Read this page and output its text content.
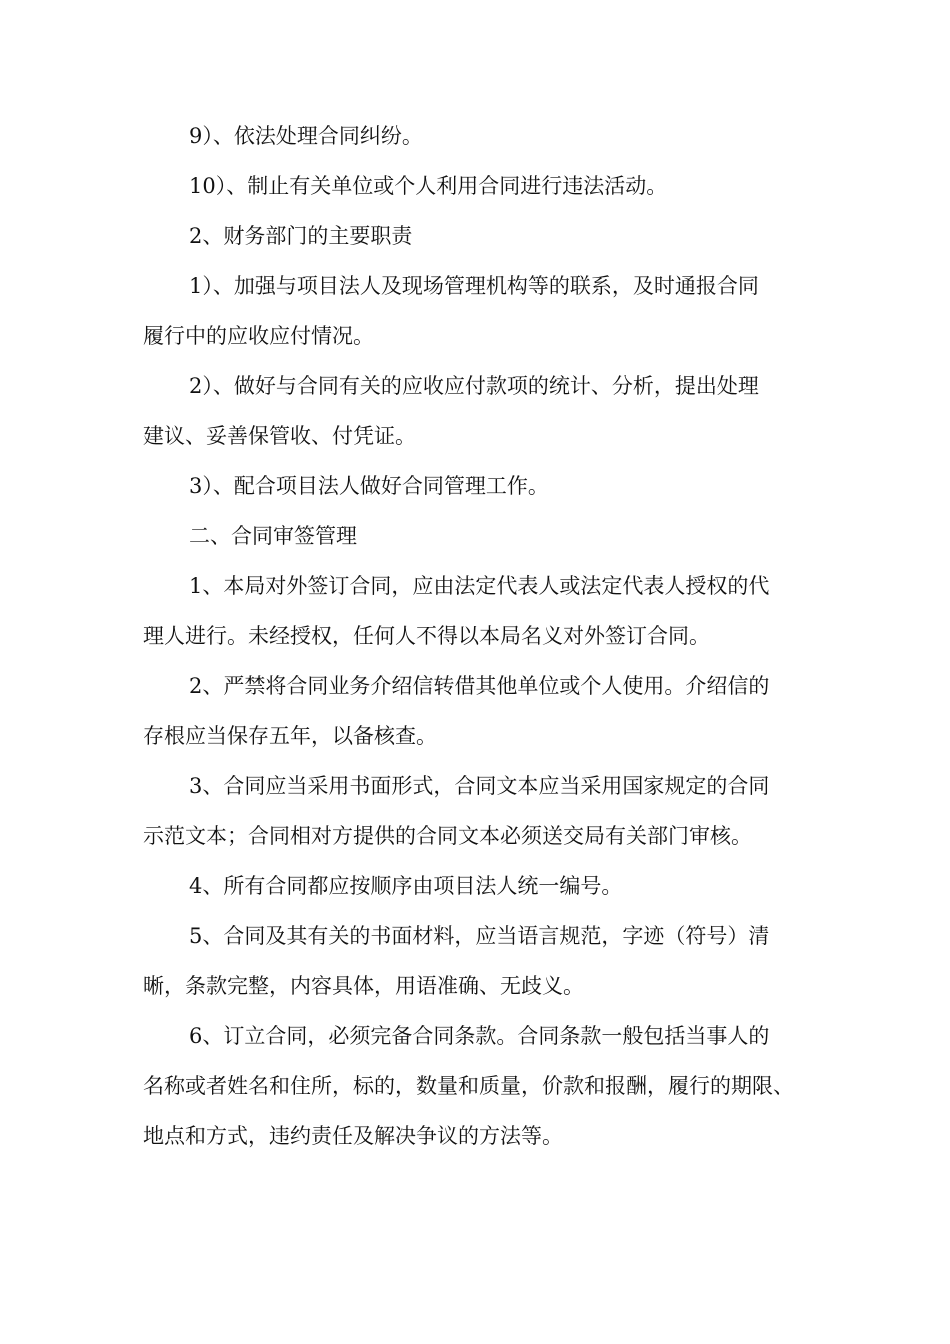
9）、依法处理合同纠纷。
10）、制止有关单位或个人利用合同进行违法活动。
2、财务部门的主要职责
1）、加强与项目法人及现场管理机构等的联系，及时通报合同
履行中的应收应付情况。
2）、做好与合同有关的应收应付款项的统计、分析，提出处理
建议、妥善保管收、付凭证。
3）、配合项目法人做好合同管理工作。
二、合同审签管理
1、本局对外签订合同，应由法定代表人或法定代表人授权的代
理人进行。未经授权，任何人不得以本局名义对外签订合同。
2、严禁将合同业务介绍信转借其他单位或个人使用。介绍信的
存根应当保存五年，以备核查。
3、合同应当采用书面形式，合同文本应当采用国家规定的合同
示范文本；合同相对方提供的合同文本必须送交局有关部门审核。
4、所有合同都应按顺序由项目法人统一编号。
5、合同及其有关的书面材料，应当语言规范，字迹（符号）清
晰，条款完整，内容具体，用语准确、无歧义。
6、订立合同，必须完备合同条款。合同条款一般包括当事人的
名称或者姓名和住所，标的，数量和质量，价款和报酬，履行的期限、
地点和方式，违约责任及解决争议的方法等。
